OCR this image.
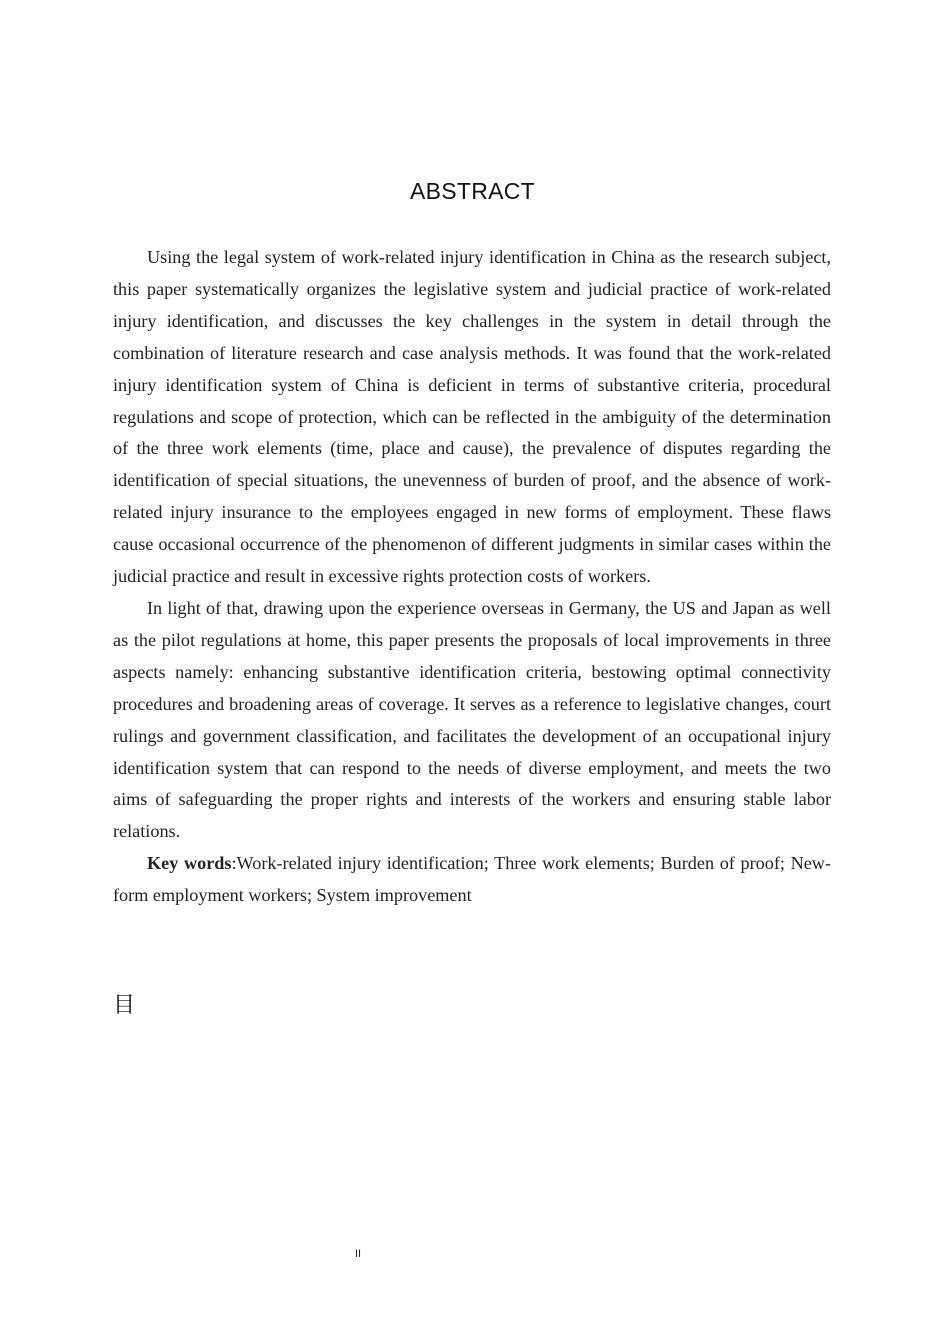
ABSTRACT

Using the legal system of work-related injury identification in China as the research subject, this paper systematically organizes the legislative system and judicial practice of work-related injury identification, and discusses the key challenges in the system in detail through the combination of literature research and case analysis methods. It was found that the work-related injury identification system of China is deficient in terms of substantive criteria, procedural regulations and scope of protection, which can be reflected in the ambiguity of the determination of the three work elements (time, place and cause), the prevalence of disputes regarding the identification of special situations, the unevenness of burden of proof, and the absence of work-related injury insurance to the employees engaged in new forms of employment. These flaws cause occasional occurrence of the phenomenon of different judgments in similar cases within the judicial practice and result in excessive rights protection costs of workers.

In light of that, drawing upon the experience overseas in Germany, the US and Japan as well as the pilot regulations at home, this paper presents the proposals of local improvements in three aspects namely: enhancing substantive identification criteria, bestowing optimal connectivity procedures and broadening areas of coverage. It serves as a reference to legislative changes, court rulings and government classification, and facilitates the development of an occupational injury identification system that can respond to the needs of diverse employment, and meets the two aims of safeguarding the proper rights and interests of the workers and ensuring stable labor relations.

Key words:Work-related injury identification; Three work elements; Burden of proof; New-form employment workers; System improvement

目
II
